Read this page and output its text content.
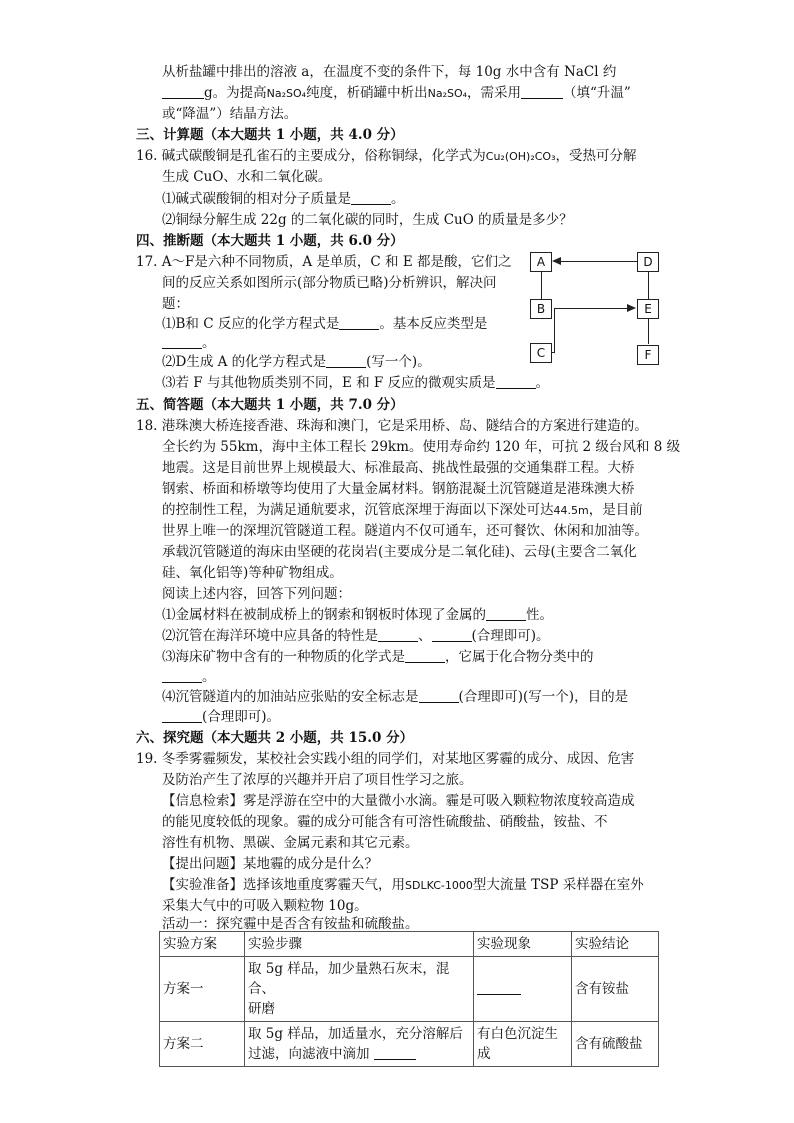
从析盐罐中排出的溶液 a，在温度不变的条件下，每 10g 水中含有 NaCl 约
g。为提高Na₂SO₄纯度，析硝罐中析出Na₂SO₄，需采用	（填“升温”
或“降温”）结晶方法。
三、计算题（本大题共 1 小题，共 4.0 分）
16. 碱式碳酸铜是孔雀石的主要成分，俗称铜绿，化学式为Cu₂(OH)₂CO₃，受热可分解
生成 CuO、水和二氧化碳。
⑴碱式碳酸铜的相对分子质量是	。
⑵铜绿分解生成 22g 的二氧化碳的同时，生成 CuO 的质量是多少？
四、推断题（本大题共 1 小题，共 6.0 分）
17. A～F是六种不同物质，A 是单质，C 和 E 都是酸，它们之
间的反应关系如图所示(部分物质已略)分析辨识，解决问
题：
⑴B和 C 反应的化学方程式是	。基本反应类型是
。
⑵D生成 A 的化学方程式是	(写一个)。
⑶若 F 与其他物质类别不同，E 和 F 反应的微观实质是	。
A
B
C
D
E
F
五、简答题（本大题共 1 小题，共 7.0 分）
18. 港珠澳大桥连接香港、珠海和澳门，它是采用桥、岛、隧结合的方案进行建造的。
全长约为 55km，海中主体工程长 29km。使用寿命约 120 年，可抗 2 级台风和 8 级
地震。这是目前世界上规模最大、标准最高、挑战性最强的交通集群工程。大桥
钢索、桥面和桥墩等均使用了大量金属材料。钢筋混凝土沉管隧道是港珠澳大桥
的控制性工程，为满足通航要求，沉管底深埋于海面以下深处可达44.5m，是目前
世界上唯一的深埋沉管隧道工程。隧道内不仅可通车，还可餐饮、休闲和加油等。
承载沉管隧道的海床由坚硬的花岗岩(主要成分是二氧化硅)、云母(主要含二氧化
硅、氧化铝等)等种矿物组成。
阅读上述内容，回答下列问题：
⑴金属材料在被制成桥上的钢索和钢板时体现了金属的	性。
⑵沉管在海洋环境中应具备的特性是	、	(合理即可)。
⑶海床矿物中含有的一种物质的化学式是	，它属于化合物分类中的
。
⑷沉管隧道内的加油站应张贴的安全标志是	(合理即可)(写一个)，目的是
(合理即可)。
六、探究题（本大题共 2 小题，共 15.0 分）
19. 冬季雾霾频发，某校社会实践小组的同学们，对某地区雾霾的成分、成因、危害
及防治产生了浓厚的兴趣并开启了项目性学习之旅。
【信息检索】雾是浮游在空中的大量微小水滴。霾是可吸入颗粒物浓度较高造成
的能见度较低的现象。霾的成分可能含有可溶性硫酸盐、硝酸盐，铵盐、不
溶性有机物、黑碳、金属元素和其它元素。
【提出问题】某地霾的成分是什么？
【实验准备】选择该地重度雾霾天气，用SDLKC-1000型大流量 TSP 采样器在室外
采集大气中的可吸入颗粒物 10g。
活动一：探究霾中是否含有铵盐和硫酸盐。
实验方案	实验步骤	实验现象	实验结论
方案一	取 5g 样品，加少量熟石灰末，混合、
研磨		含有铵盐
方案二	取 5g 样品，加适量水，充分溶解后
过滤，向滤液中滴加	有白色沉淀生
成	含有硫酸盐
